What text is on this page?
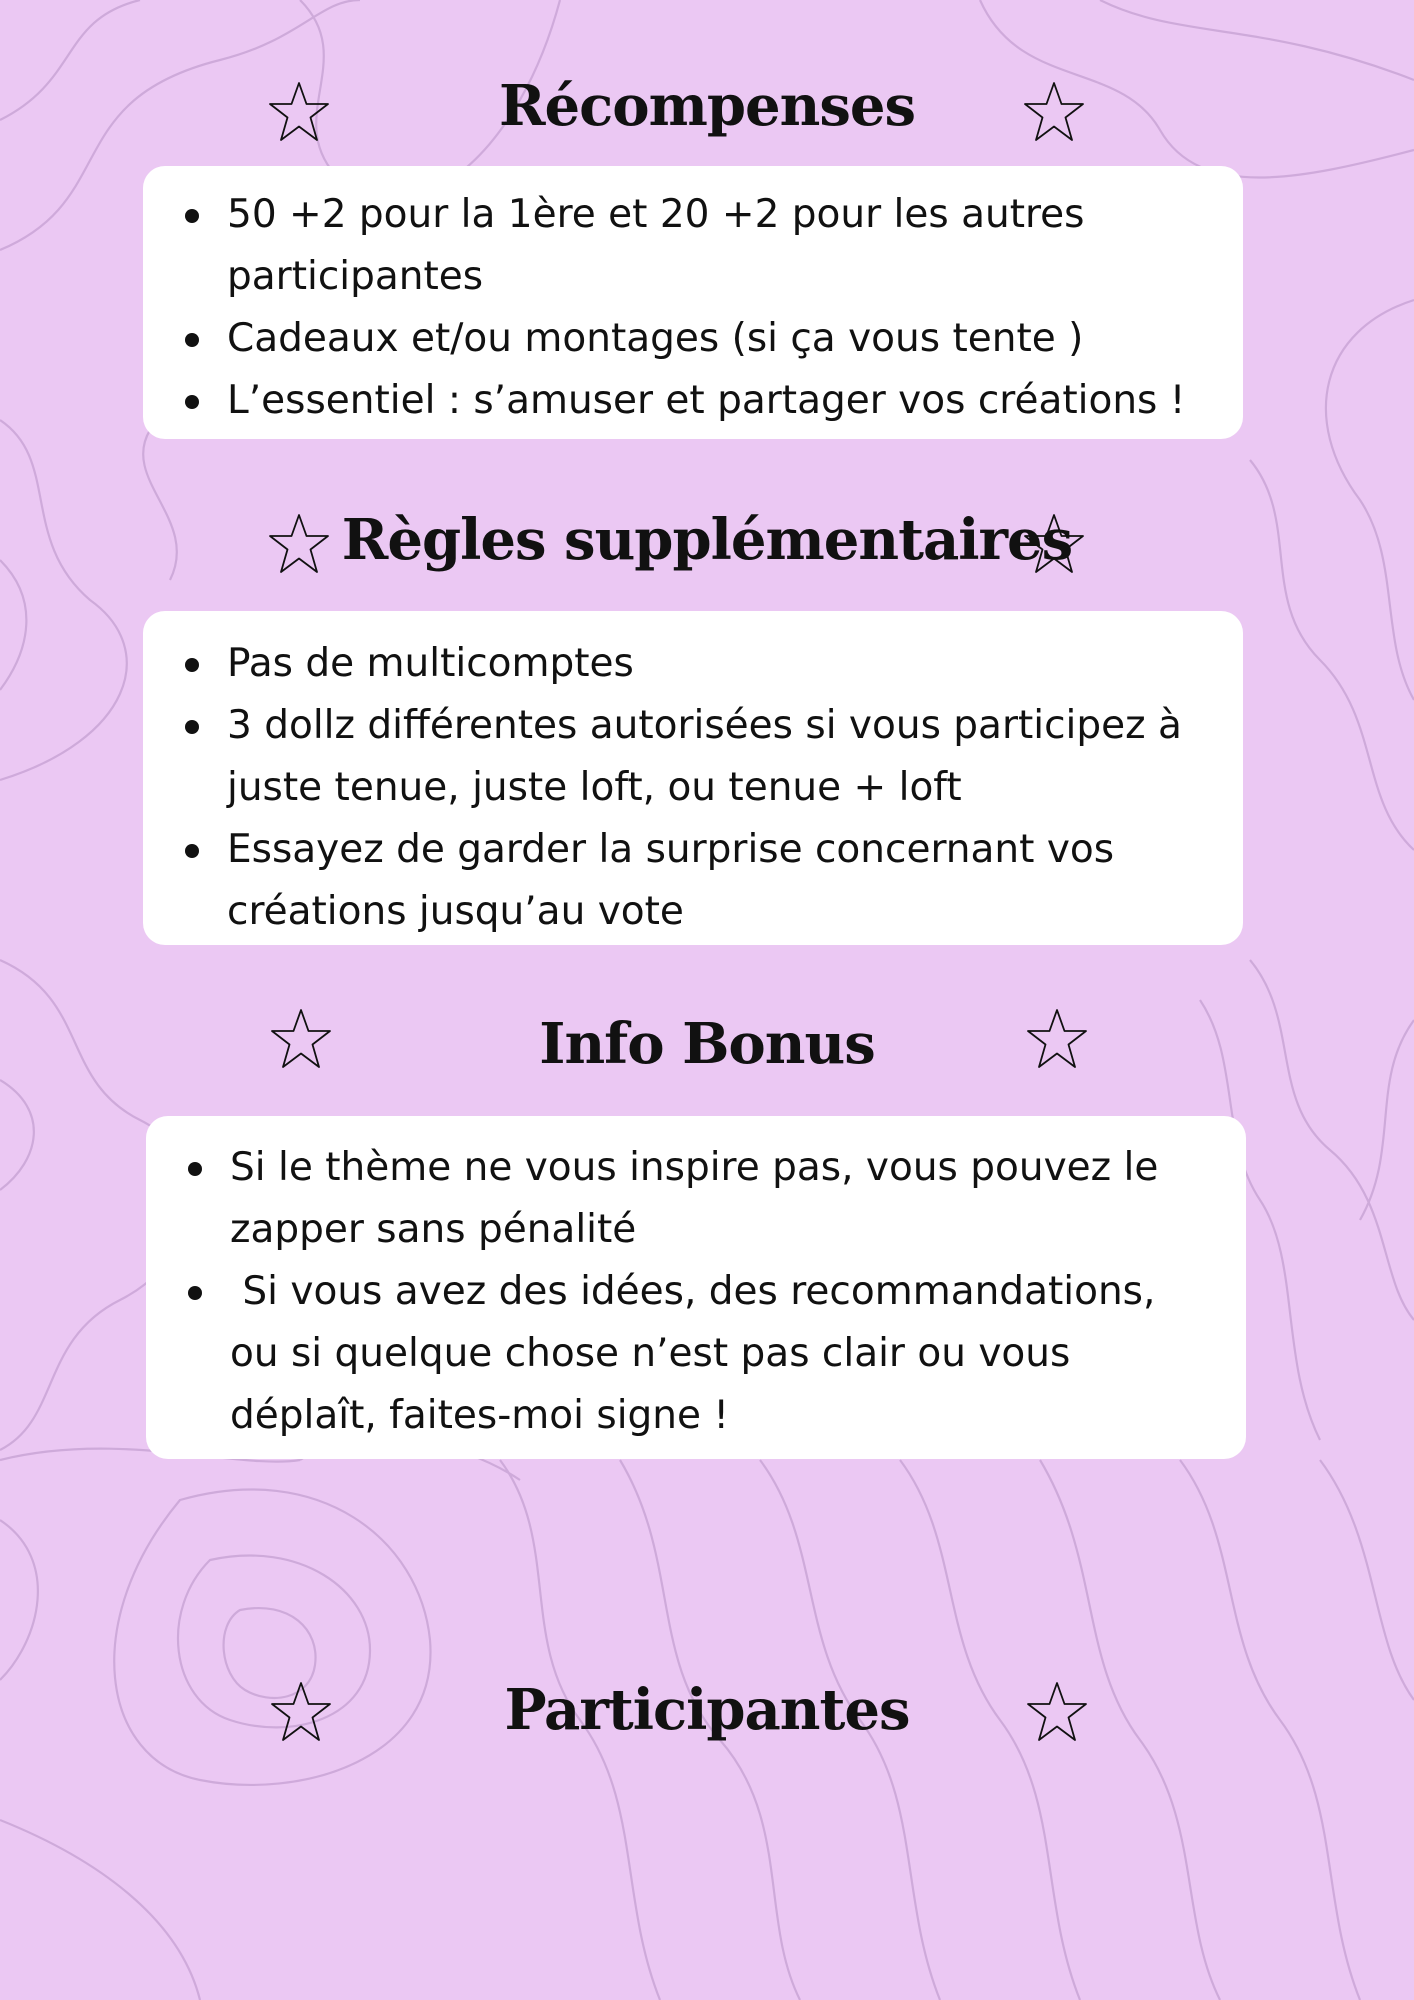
Récompenses
50 +2 pour la 1ère et 20 +2 pour les autres participantes
Cadeaux et/ou montages (si ça vous tente )
L’essentiel : s’amuser et partager vos créations !
Règles supplémentaires
Pas de multicomptes
3 dollz différentes autorisées si vous participez à juste tenue, juste loft, ou tenue + loft
Essayez de garder la surprise concernant vos créations jusqu’au vote
Info Bonus
Si le thème ne vous inspire pas, vous pouvez le zapper sans pénalité
Si vous avez des idées, des recommandations, ou si quelque chose n’est pas clair ou vous déplaît, faites-moi signe !
Participantes
